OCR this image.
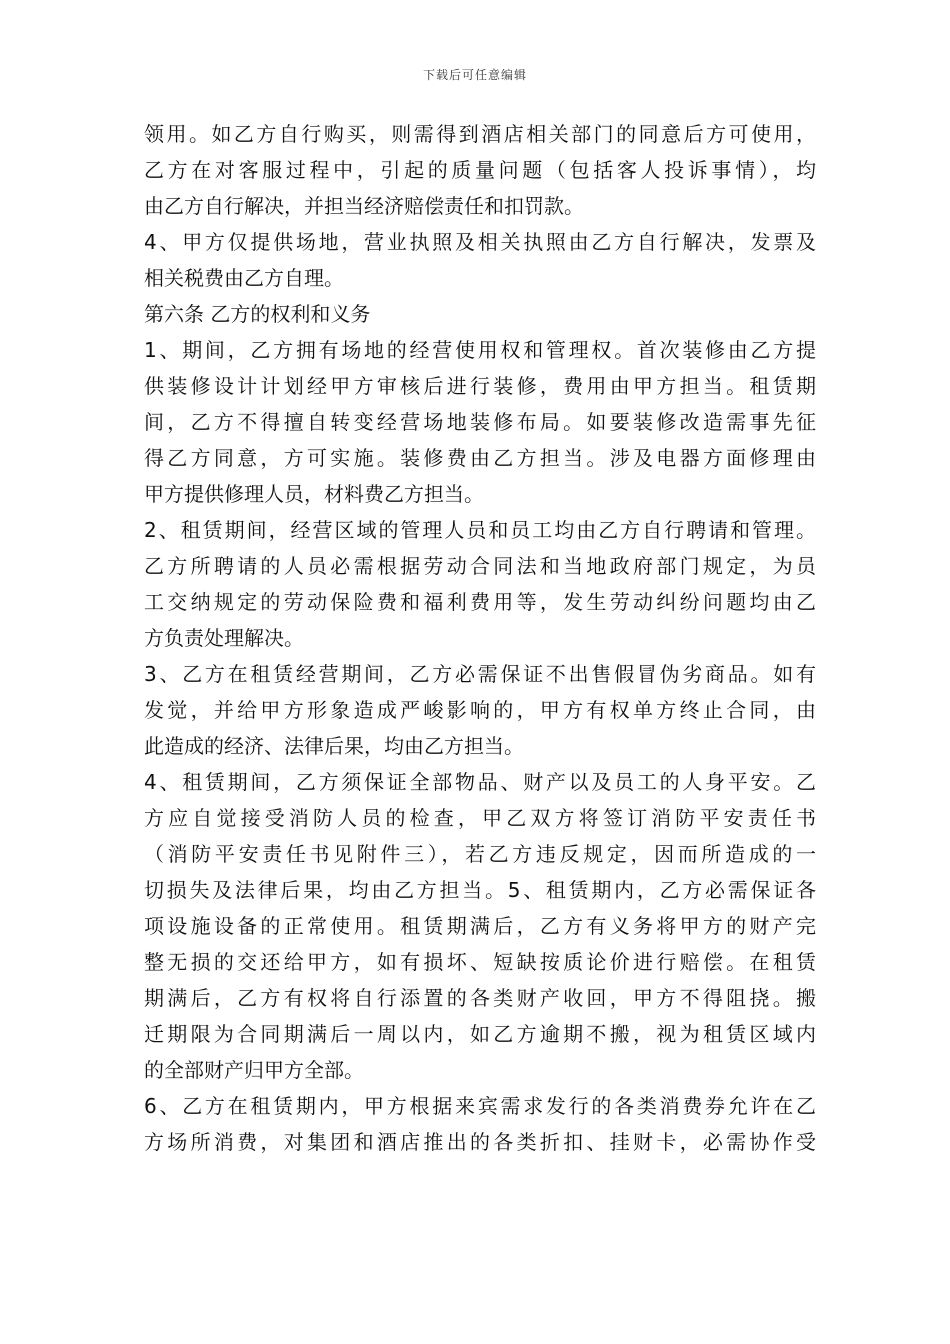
下载后可任意编辑
领用。如乙方自行购买，则需得到酒店相关部门的同意后方可使用，
乙方在对客服过程中，引起的质量问题（包括客人投诉事情），均
由乙方自行解决，并担当经济赔偿责任和扣罚款。
4、甲方仅提供场地，营业执照及相关执照由乙方自行解决，发票及
相关税费由乙方自理。
第六条 乙方的权利和义务
1、期间，乙方拥有场地的经营使用权和管理权。首次装修由乙方提
供装修设计计划经甲方审核后进行装修，费用由甲方担当。租赁期
间，乙方不得擅自转变经营场地装修布局。如要装修改造需事先征
得乙方同意，方可实施。装修费由乙方担当。涉及电器方面修理由
甲方提供修理人员，材料费乙方担当。
2、租赁期间，经营区域的管理人员和员工均由乙方自行聘请和管理。
乙方所聘请的人员必需根据劳动合同法和当地政府部门规定，为员
工交纳规定的劳动保险费和福利费用等，发生劳动纠纷问题均由乙
方负责处理解决。
3、乙方在租赁经营期间，乙方必需保证不出售假冒伪劣商品。如有
发觉，并给甲方形象造成严峻影响的，甲方有权单方终止合同，由
此造成的经济、法律后果，均由乙方担当。
4、租赁期间，乙方须保证全部物品、财产以及员工的人身平安。乙
方应自觉接受消防人员的检查，甲乙双方将签订消防平安责任书
（消防平安责任书见附件三），若乙方违反规定，因而所造成的一
切损失及法律后果，均由乙方担当。5、租赁期内，乙方必需保证各
项设施设备的正常使用。租赁期满后，乙方有义务将甲方的财产完
整无损的交还给甲方，如有损坏、短缺按质论价进行赔偿。在租赁
期满后，乙方有权将自行添置的各类财产收回，甲方不得阻挠。搬
迁期限为合同期满后一周以内，如乙方逾期不搬，视为租赁区域内
的全部财产归甲方全部。
6、乙方在租赁期内，甲方根据来宾需求发行的各类消费券允许在乙
方场所消费，对集团和酒店推出的各类折扣、挂财卡，必需协作受
